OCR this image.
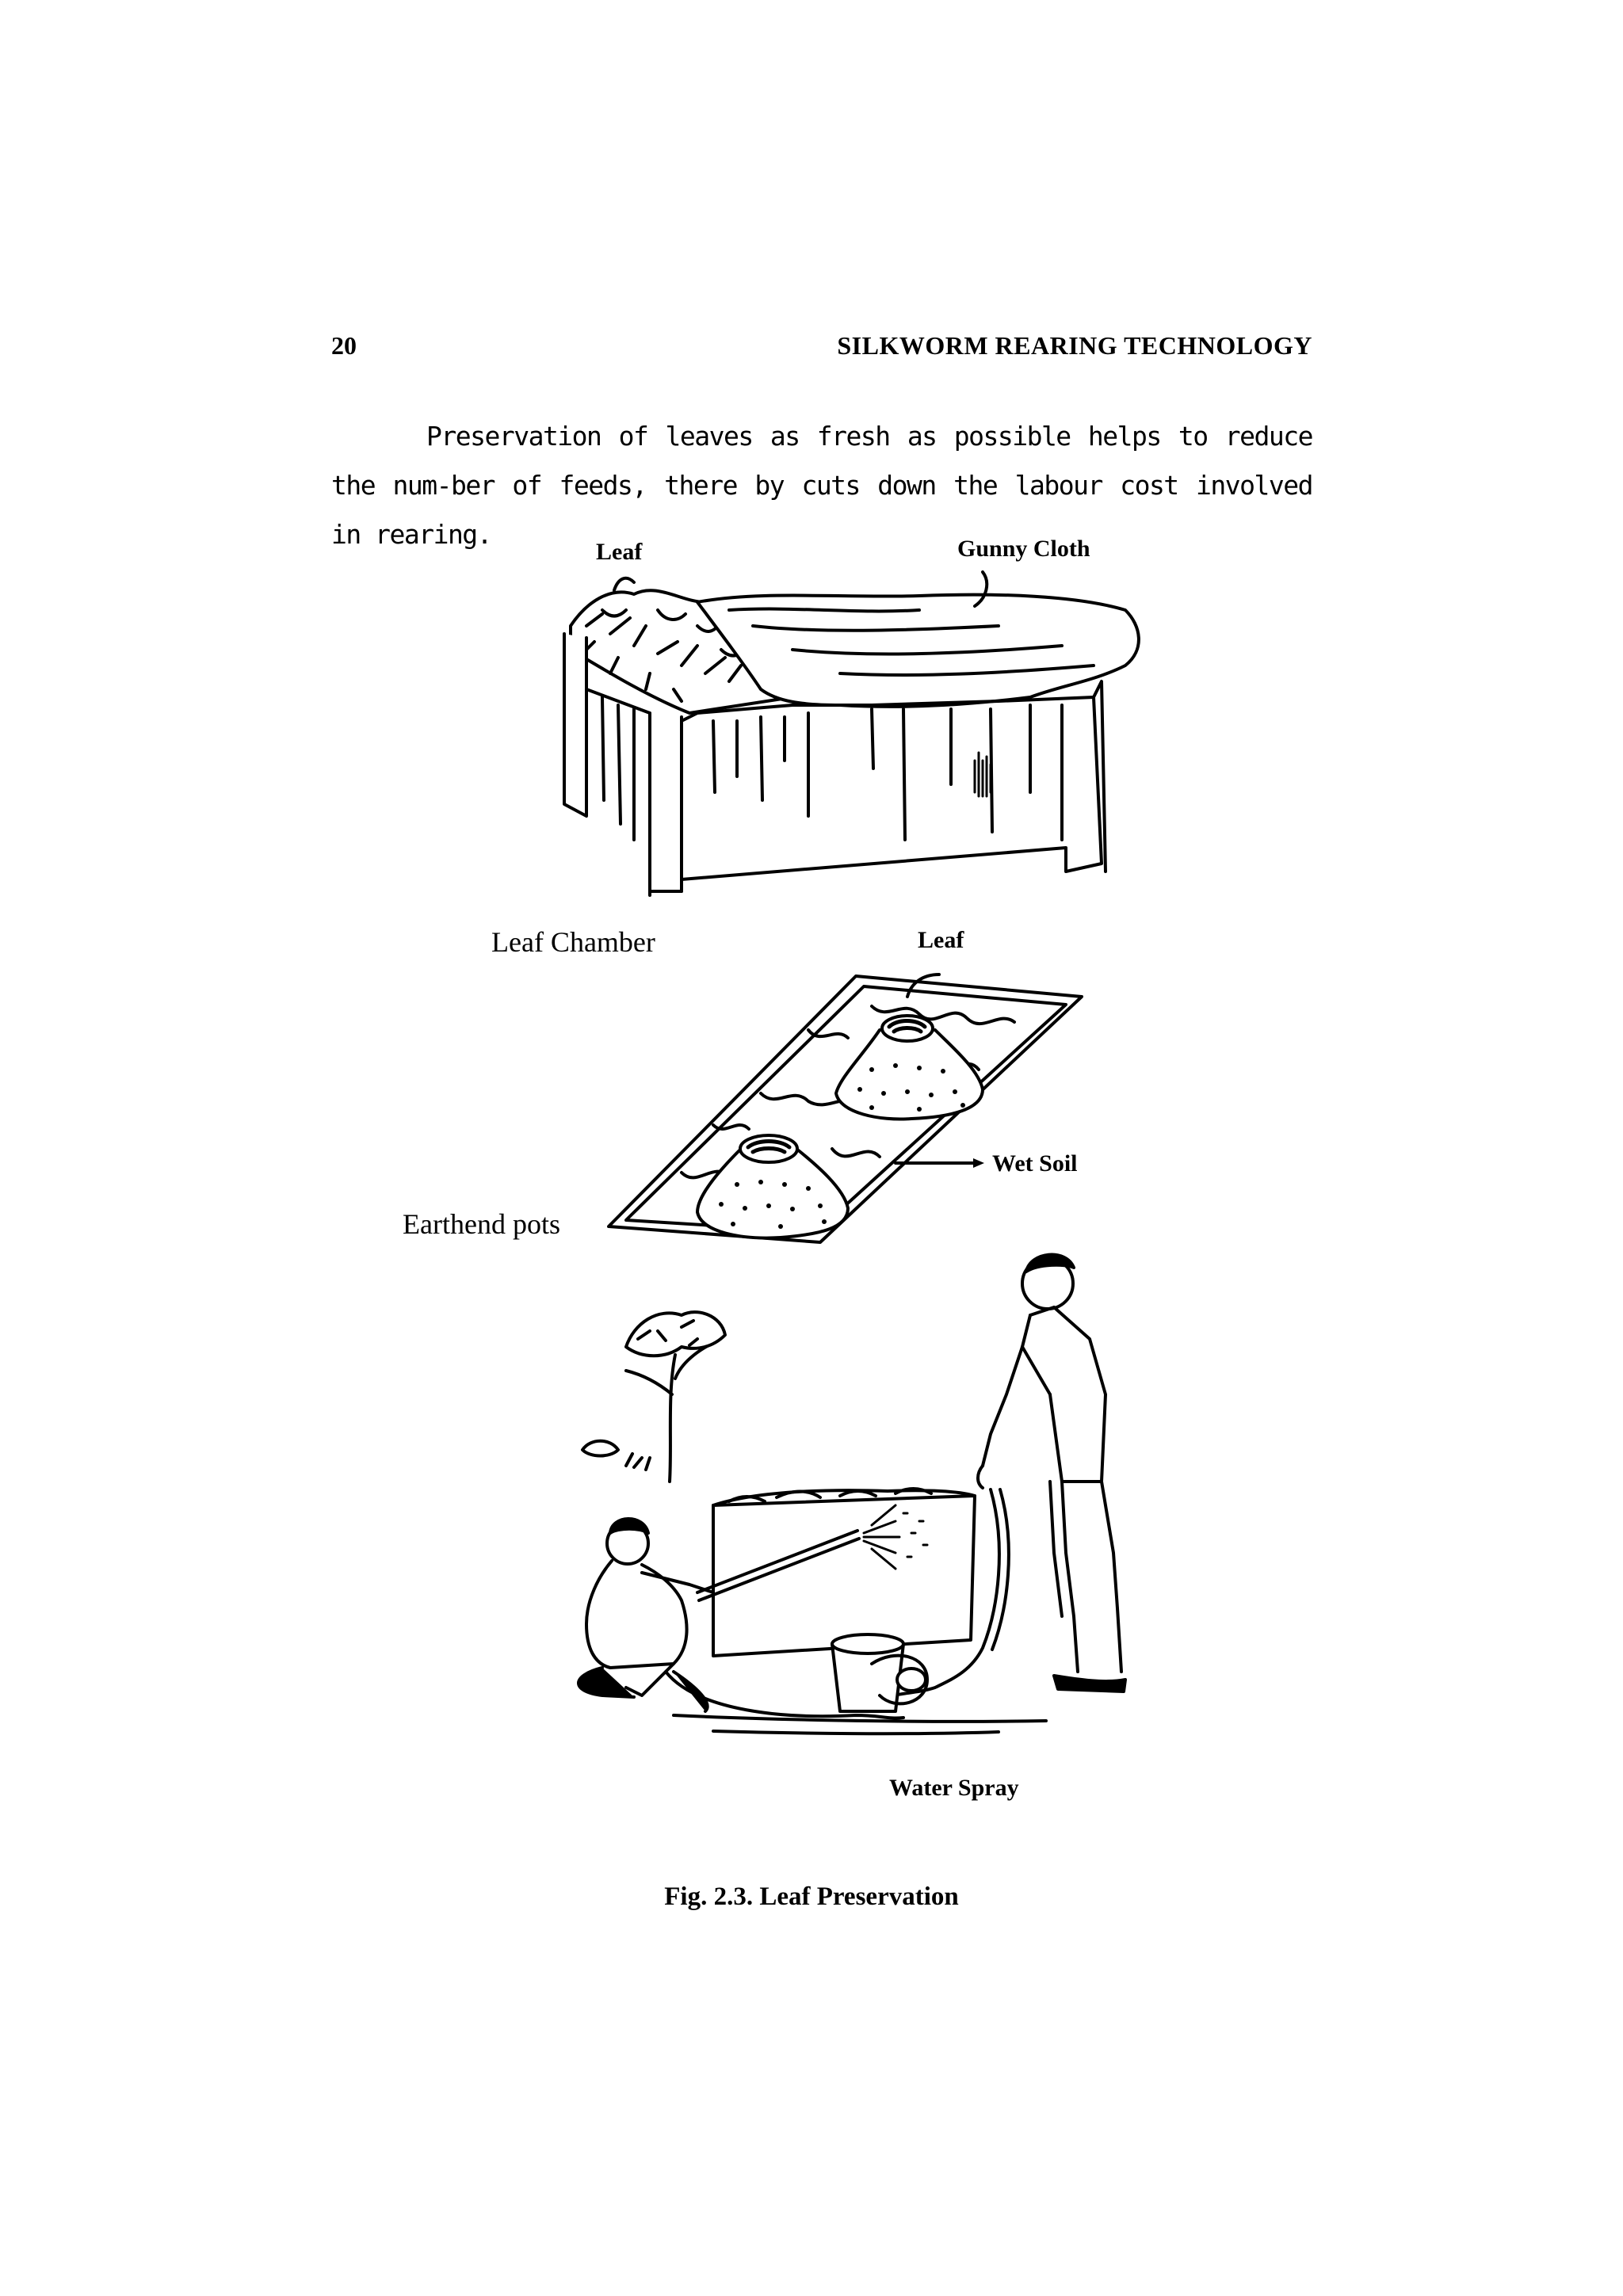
20	SILKWORM REARING TECHNOLOGY
Preservation of leaves as fresh as possible helps to reduce the num-ber of feeds, there by cuts down the labour cost involved in rearing.
Leaf	Gunny Cloth
Leaf Chamber	Leaf
Wet Soil
Earthend pots
Water Spray
Fig. 2.3. Leaf Preservation
